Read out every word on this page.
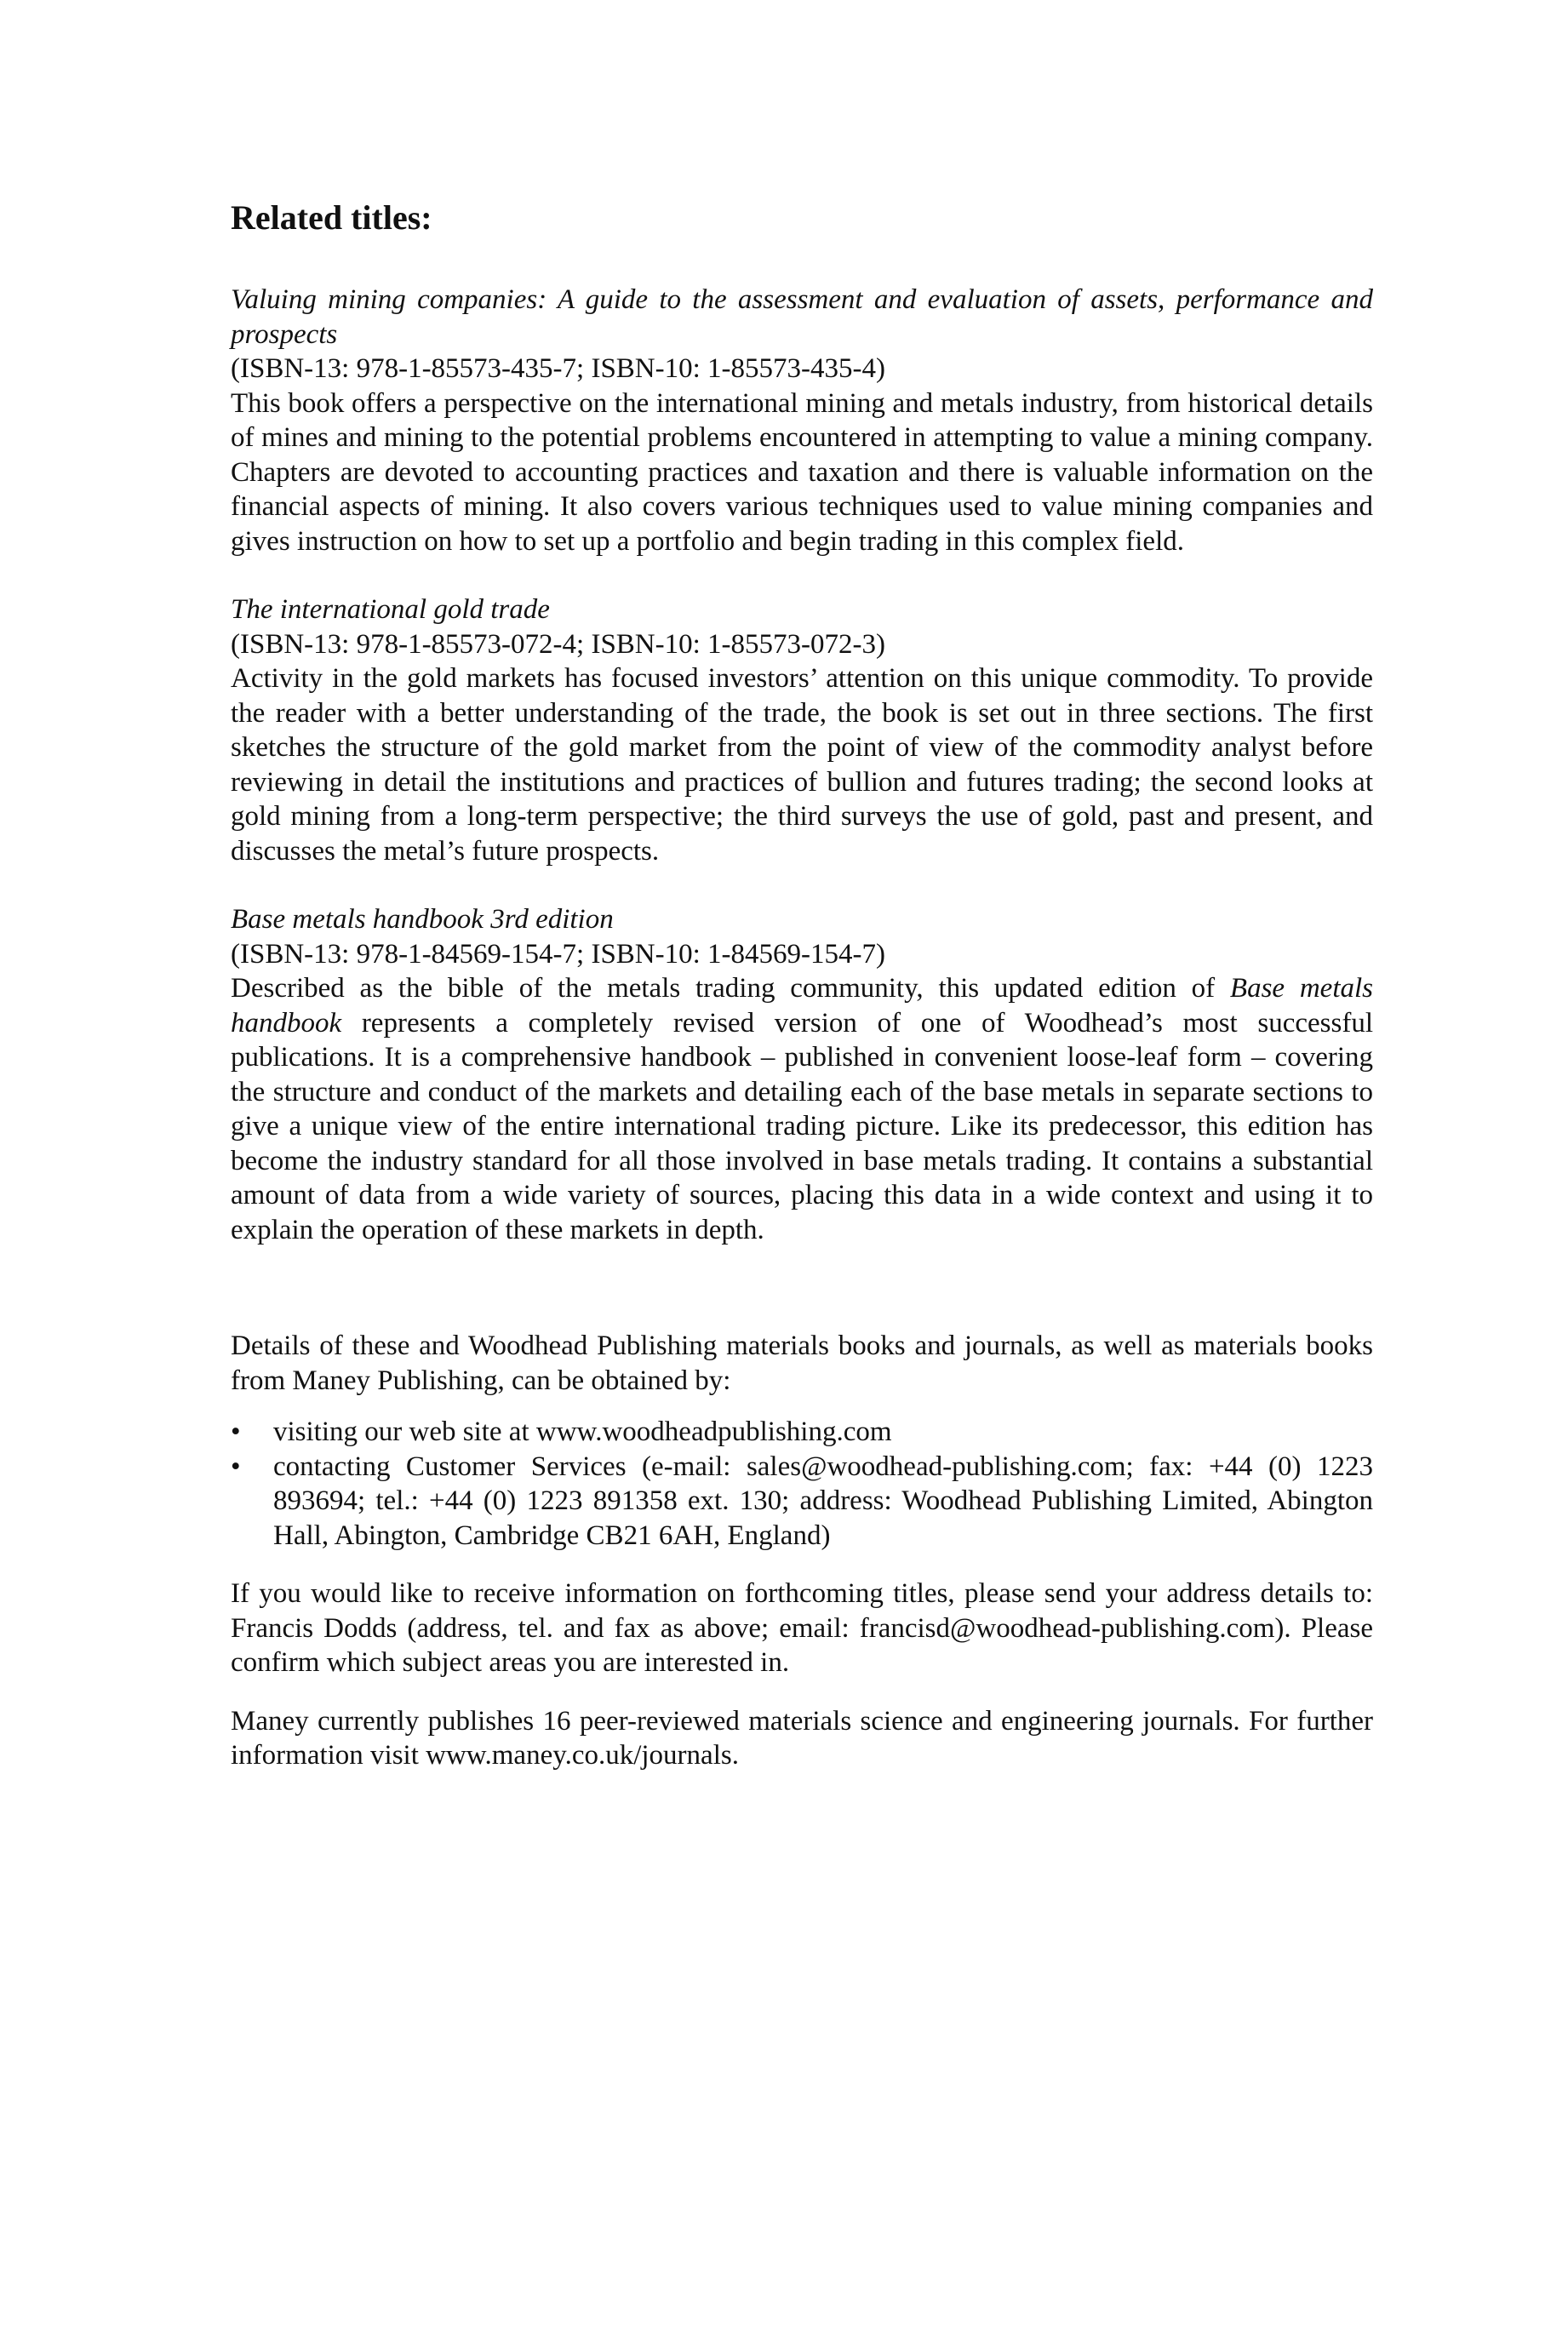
Related titles:
Valuing mining companies: A guide to the assessment and evaluation of assets, performance and prospects
(ISBN-13: 978-1-85573-435-7; ISBN-10: 1-85573-435-4)

This book offers a perspective on the international mining and metals industry, from historical details of mines and mining to the potential problems encountered in attempting to value a mining company. Chapters are devoted to accounting practices and taxation and there is valuable information on the financial aspects of mining. It also covers various techniques used to value mining companies and gives instruction on how to set up a portfolio and begin trading in this complex field.

The international gold trade
(ISBN-13: 978-1-85573-072-4; ISBN-10: 1-85573-072-3)

Activity in the gold markets has focused investors’ attention on this unique commodity. To provide the reader with a better understanding of the trade, the book is set out in three sections. The first sketches the structure of the gold market from the point of view of the commodity analyst before reviewing in detail the institutions and practices of bullion and futures trading; the second looks at gold mining from a long-term perspective; the third surveys the use of gold, past and present, and discusses the metal’s future prospects.

Base metals handbook 3rd edition
(ISBN-13: 978-1-84569-154-7; ISBN-10: 1-84569-154-7)

Described as the bible of the metals trading community, this updated edition of Base metals handbook represents a completely revised version of one of Woodhead’s most successful publications. It is a comprehensive handbook – published in convenient loose-leaf form – covering the structure and conduct of the markets and detailing each of the base metals in separate sections to give a unique view of the entire international trading picture. Like its predecessor, this edition has become the industry standard for all those involved in base metals trading. It contains a substantial amount of data from a wide variety of sources, placing this data in a wide context and using it to explain the operation of these markets in depth.

Details of these and Woodhead Publishing materials books and journals, as well as materials books from Maney Publishing, can be obtained by:

•	visiting our web site at www.woodheadpublishing.com
•	contacting Customer Services (e-mail: sales@woodhead-publishing.com; fax: +44 (0) 1223 893694; tel.: +44 (0) 1223 891358 ext. 130; address: Woodhead Publishing Limited, Abington Hall, Abington, Cambridge CB21 6AH, England)

If you would like to receive information on forthcoming titles, please send your address details to: Francis Dodds (address, tel. and fax as above; email: francisd@woodhead-publishing.com). Please confirm which subject areas you are interested in.

Maney currently publishes 16 peer-reviewed materials science and engineering journals. For further information visit www.maney.co.uk/journals.
